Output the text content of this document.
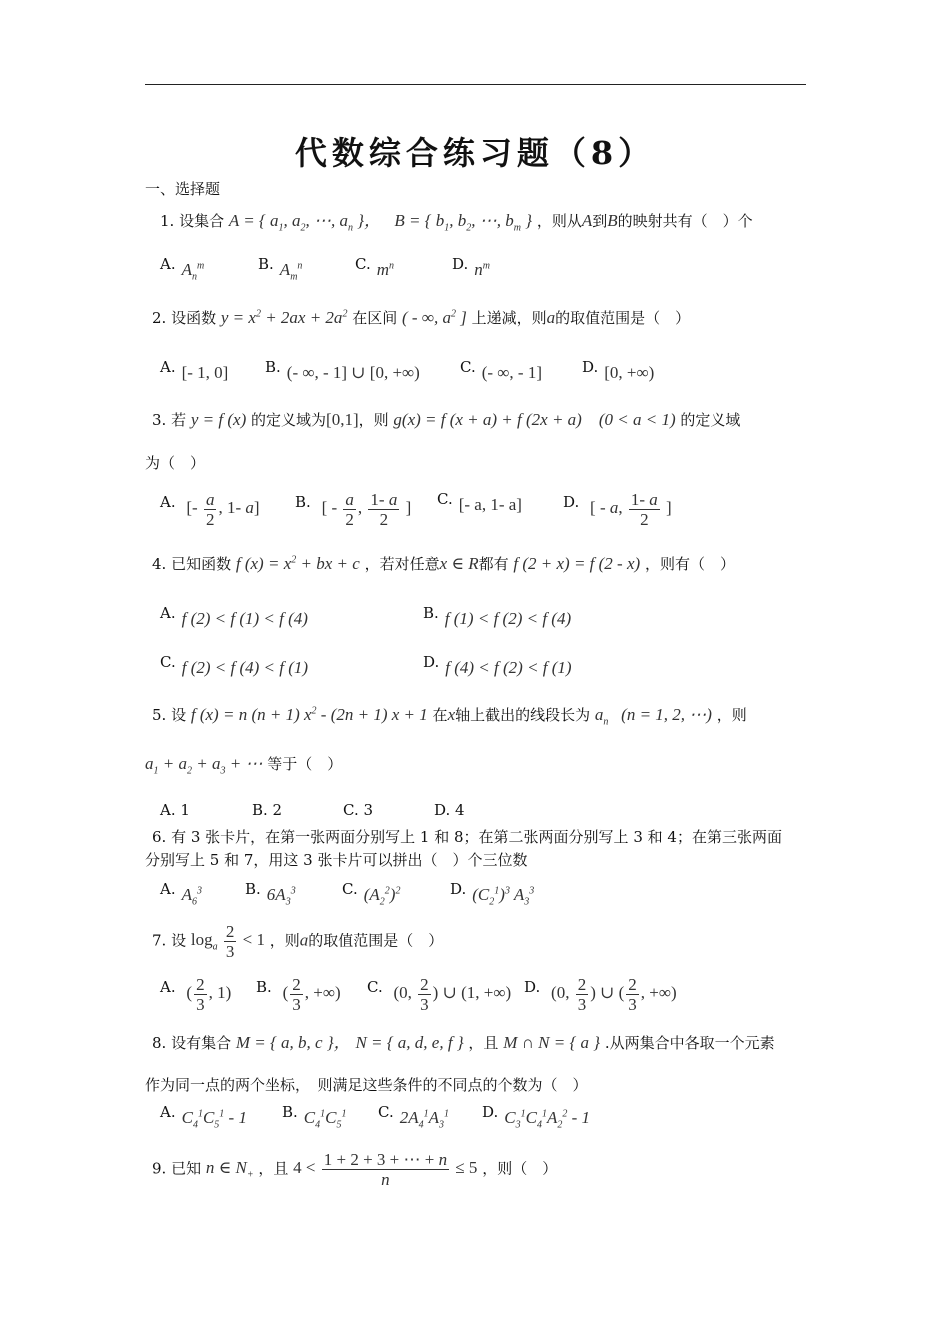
代数综合练习题（8）
一、选择题
1. 设集合 A = { $a_1$, $a_2$, ⋯, $a_n$ }，   B = { $b_1$, $b_2$, ⋯, $b_m$ } ，则从A到B的映射共有（　）个
A. $A_n^m$	B. $A_m^n$	C. $m^n$	D. $n^m$
2. 设函数 $y = x^2 + 2ax + 2a^2$ 在区间 ( - ∞, $a^2$ ] 上递减，则a的取值范围是（　）
A. [- 1, 0] B. (- ∞, - 1] ∪ [0, +∞)	C. (- ∞, - 1]	D. [0, +∞)
3. 若 y = f (x) 的定义域为[0,1]，则 g(x) = f (x + a) + f (2x + a)　(0 < a < 1) 的定义域
为（　）
A. [- $\frac{a}{2}$ , 1- a] B. [ - $\frac{a}{2}$ , $\frac{1- a}{2}$ ] C. [- a, 1- a]	D. [ - a, $\frac{1- a}{2}$ ]
4. 已知函数 f $(x) = x^2$ + bx + c ，若对任意x ∈ R都有 f (2 + x) = f (2 - x) ，则有（　）
A. f (2) < f (1) < f (4)	B. f (1) < f (2) < f (4)
C. f (2) < f (4) < f (1)	D. f (4) < f (2) < f (1)
5. 设 f (x) = n (n + 1) $x^2 - (2n + 1) x + 1$ 在x轴上截出的线段长为 $a_n$   (n = 1, 2, ⋯) ，则
$a_1 + a_2 + a_3$ + ⋯ 等于（　）
A. 1	B. 2	C. 3	D. 4
6. 有 3 张卡片，在第一张两面分别写上 1 和 8；在第二张两面分别写上 3 和 4；在第三张两面
分别写上 5 和 7，用这 3 张卡片可以拼出（　）个三位数
A. $A_6^3$	B. $6A_3^3$	C. $(A_2^2)^2$	D. $(C_2^1)^3$ $A_3^3$
7. 设 $\log_a \frac{2}{3} < 1$ ，则a的取值范围是（　）
A. ( $\frac{2}{3}$ , 1) B. ( $\frac{2}{3}$ , +∞) C. (0, $\frac{2}{3}$ ) ∪ (1, +∞) D. (0, $\frac{2}{3}$ ) ∪ ( $\frac{2}{3}$ , +∞)
8. 设有集合 M = { a, b, c }， N = { a, d, e, f } ，且 M ∩ N = { a } .从两集合中各取一个元素
作为同一点的两个坐标，　则满足这些条件的不同点的个数为（　）
A. $C_4^1C_5^1 - 1$ B. $C_4^1C_5^1$ C. $2A_4^1A_3^1$ D. $C_3^1C_4^1A_2^2 - 1$
9. 已知 n ∈ $N_+$ ，且 $4 < \frac{1 + 2 + 3 + \cdots + n}{n} \le 5$ ，则（　）
